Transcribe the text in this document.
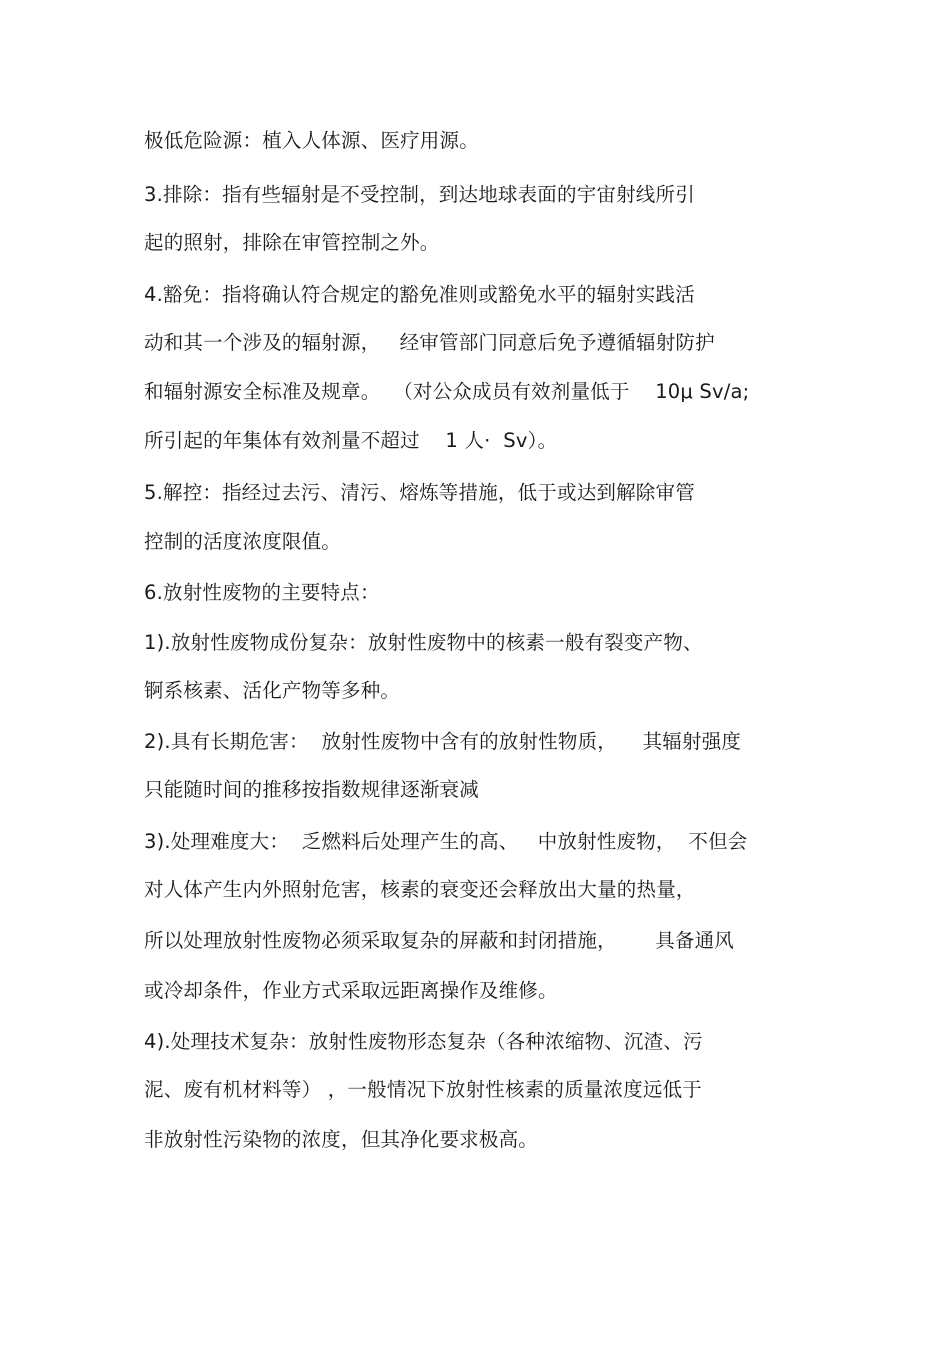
极低危险源：植入人体源、医疗用源。
3.排除：指有些辐射是不受控制，到达地球表面的宇宙射线所引
起的照射，排除在审管控制之外。
4.豁免：指将确认符合规定的豁免准则或豁免水平的辐射实践活
动和其一个涉及的辐射源，   经审管部门同意后免予遵循辐射防护
和辐射源安全标准及规章。  （对公众成员有效剂量低于    10μ Sv/a;
所引起的年集体有效剂量不超过    1 人·  Sv）。
5.解控：指经过去污、清污、熔炼等措施，低于或达到解除审管
控制的活度浓度限值。
6.放射性废物的主要特点：
1).放射性废物成份复杂：放射性废物中的核素一般有裂变产物、
锕系核素、活化产物等多种。
2).具有长期危害：  放射性废物中含有的放射性物质，    其辐射强度
只能随时间的推移按指数规律逐渐衰减
3).处理难度大：  乏燃料后处理产生的高、   中放射性废物，  不但会
对人体产生内外照射危害，核素的衰变还会释放出大量的热量，
所以处理放射性废物必须采取复杂的屏蔽和封闭措施，      具备通风
或冷却条件，作业方式采取远距离操作及维修。
4).处理技术复杂：放射性废物形态复杂（各种浓缩物、沉渣、污
泥、废有机材料等） ，一般情况下放射性核素的质量浓度远低于
非放射性污染物的浓度，但其净化要求极高。
